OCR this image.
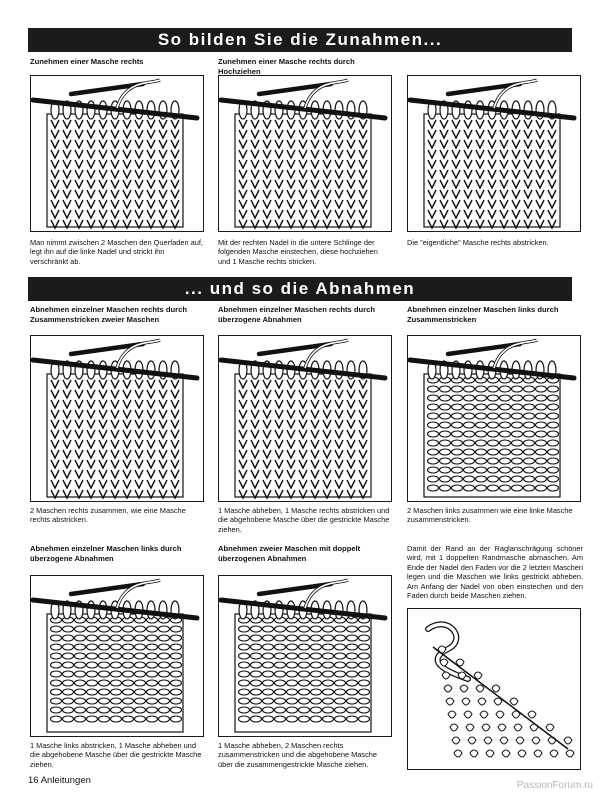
So bilden Sie die Zunahmen...
Zunehmen einer Masche rechts

Man nimmt zwischen 2 Maschen den Querfaden auf, legt ihn auf die linke Nadel und strickt ihn verschränkt ab.

Zunehmen einer Masche rechts durch Hochziehen

Mit der rechten Nadel in die untere Schlinge der folgenden Masche einstechen, diese hochziehen und 1 Masche rechts stricken.

Die "eigentliche" Masche rechts abstricken.

... und so die Abnahmen
Abnehmen einzelner Maschen rechts durch Zusammenstricken zweier Maschen

2 Maschen rechts zusammen, wie eine Masche rechts abstricken.

Abnehmen einzelner Maschen rechts durch überzogene Abnahmen

1 Masche abheben, 1 Masche rechts abstricken und die abgehobene Masche über die gestrickte Masche ziehen.

Abnehmen einzelner Maschen links durch Zusammenstricken

2 Maschen links zusammen wie eine linke Masche zusammenstricken.

Abnehmen einzelner Maschen links durch überzogene Abnahmen

1 Masche links abstricken, 1 Masche abheben und die abgehobene Masche über die gestrickte Masche ziehen.

Abnehmen zweier Maschen mit doppelt überzogenen Abnahmen

1 Masche abheben, 2 Maschen rechts zusammenstricken und die abgehobene Masche über die zusammengestrickte Masche ziehen.

Damit der Rand an der Raglanschrägung schöner wird, mit 1 doppelten Randmasche abmaschen. Am Ende der Nadel den Faden vor die 2 letzten Maschen legen und die Maschen wie links gestrickt abheben. Am Anfang der Nadel von oben einstechen und den Faden durch beide Maschen ziehen.

16 Anleitungen	PassionForum.ru
